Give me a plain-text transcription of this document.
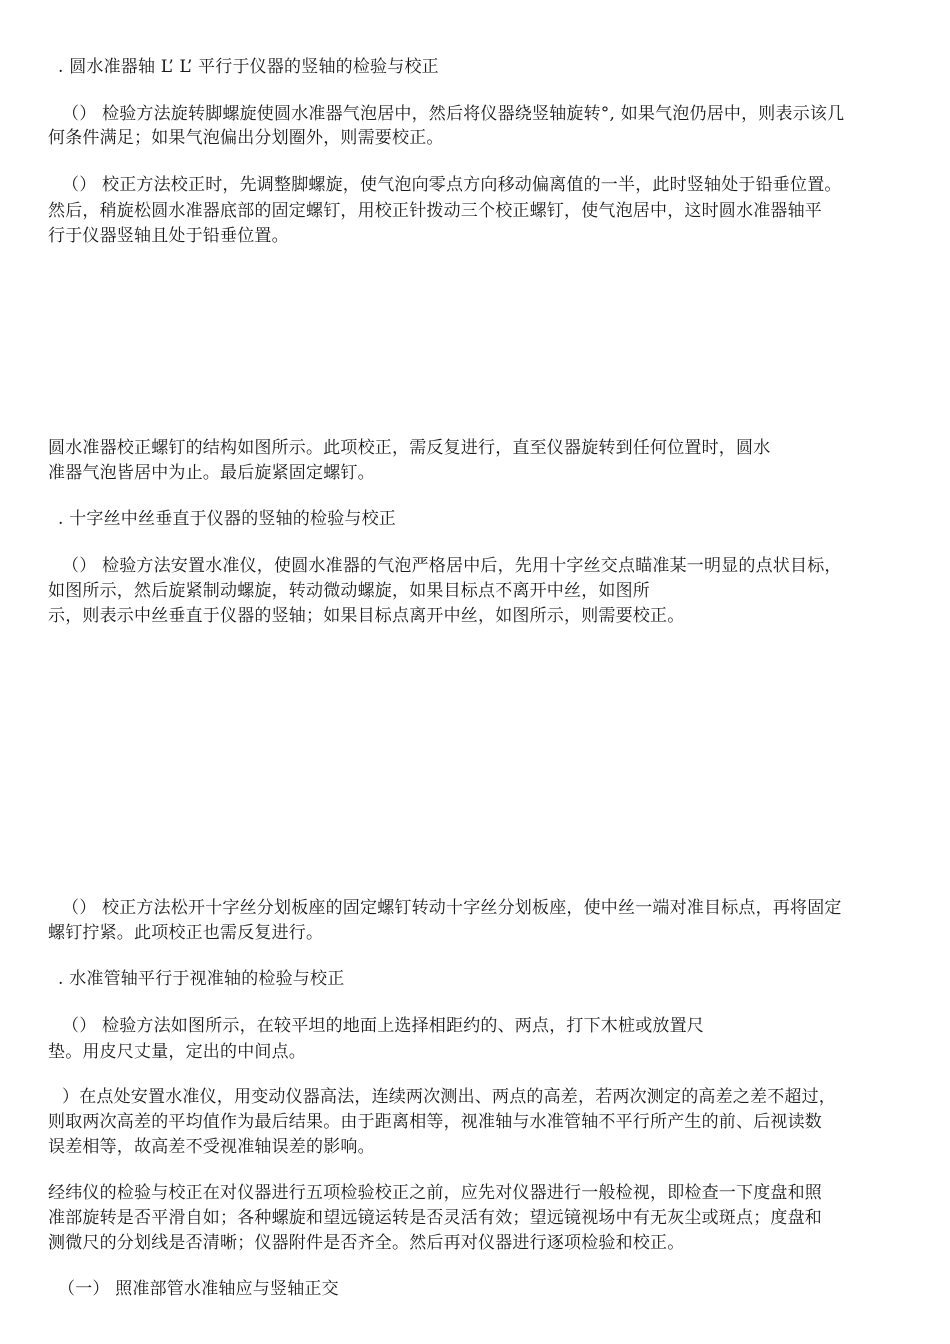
. 圆水准器轴 L’ L’ 平行于仪器的竖轴的检验与校正
（） 检验方法旋转脚螺旋使圆水准器气泡居中，然后将仪器绕竖轴旋转°, 如果气泡仍居中，则表示该几
何条件满足；如果气泡偏出分划圈外，则需要校正。
（） 校正方法校正时，先调整脚螺旋，使气泡向零点方向移动偏离值的一半，此时竖轴处于铅垂位置。
然后，稍旋松圆水准器底部的固定螺钉，用校正针拨动三个校正螺钉，使气泡居中，这时圆水准器轴平
行于仪器竖轴且处于铅垂位置。
圆水准器校正螺钉的结构如图所示。此项校正，需反复进行，直至仪器旋转到任何位置时，圆水
准器气泡皆居中为止。最后旋紧固定螺钉。
. 十字丝中丝垂直于仪器的竖轴的检验与校正
（） 检验方法安置水准仪，使圆水准器的气泡严格居中后，先用十字丝交点瞄准某一明显的点状目标，
如图所示，然后旋紧制动螺旋，转动微动螺旋，如果目标点不离开中丝，如图所
示，则表示中丝垂直于仪器的竖轴；如果目标点离开中丝，如图所示，则需要校正。
（） 校正方法松开十字丝分划板座的固定螺钉转动十字丝分划板座，使中丝一端对准目标点，再将固定
螺钉拧紧。此项校正也需反复进行。
. 水准管轴平行于视准轴的检验与校正
（） 检验方法如图所示，在较平坦的地面上选择相距约的、两点，打下木桩或放置尺
垫。用皮尺丈量，定出的中间点。
）在点处安置水准仪，用变动仪器高法，连续两次测出、两点的高差，若两次测定的高差之差不超过，
则取两次高差的平均值作为最后结果。由于距离相等，视准轴与水准管轴不平行所产生的前、后视读数
误差相等，故高差不受视准轴误差的影响。
经纬仪的检验与校正在对仪器进行五项检验校正之前，应先对仪器进行一般检视，即检查一下度盘和照
准部旋转是否平滑自如；各种螺旋和望远镜运转是否灵活有效；望远镜视场中有无灰尘或斑点；度盘和
测微尺的分划线是否清晰；仪器附件是否齐全。然后再对仪器进行逐项检验和校正。
（一） 照准部管水准轴应与竖轴正交
